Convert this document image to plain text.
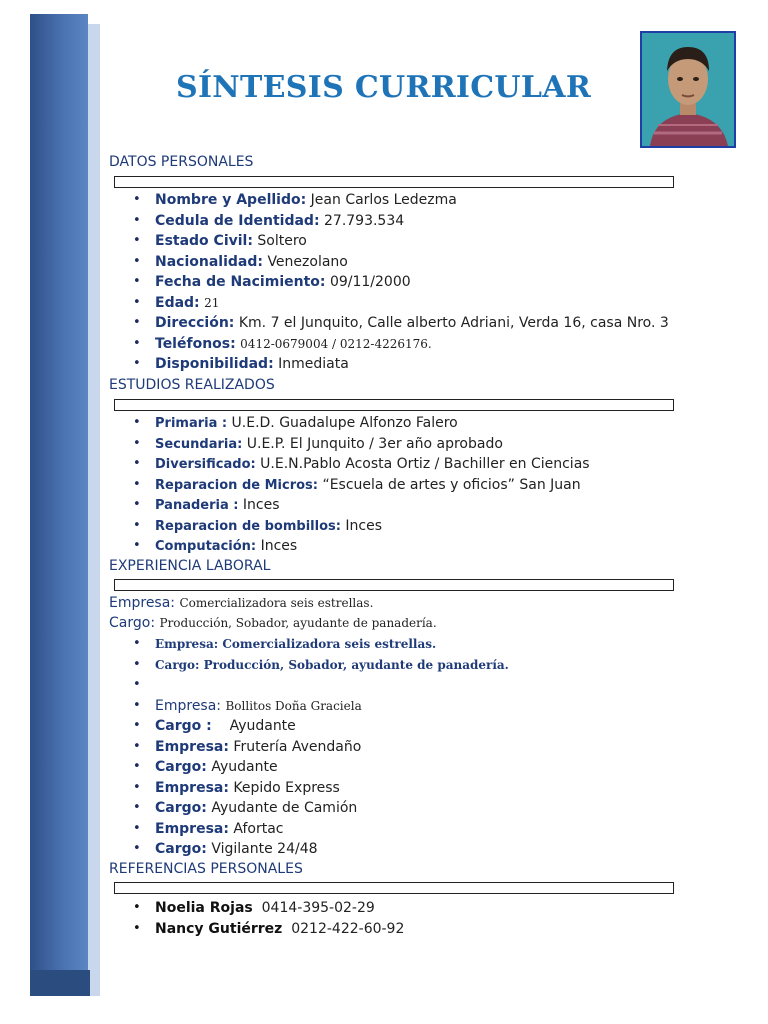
SÍNTESIS CURRICULAR
DATOS PERSONALES
• Nombre y Apellido: Jean Carlos Ledezma
• Cedula de Identidad: 27.793.534
• Estado Civil: Soltero
• Nacionalidad: Venezolano
• Fecha de Nacimiento: 09/11/2000
• Edad: 21
• Dirección: Km. 7 el Junquito, Calle alberto Adriani, Verda 16, casa Nro. 3
• Teléfonos: 0412-0679004 / 0212-4226176.
• Disponibilidad: Inmediata
ESTUDIOS REALIZADOS
• Primaria : U.E.D. Guadalupe Alfonzo Falero
• Secundaria: U.E.P. El Junquito / 3er año aprobado
• Diversificado: U.E.N.Pablo Acosta Ortiz / Bachiller en Ciencias
• Reparacion de Micros: “Escuela de artes y oficios” San Juan
• Panaderia : Inces
• Reparacion de bombillos: Inces
• Computación: Inces
EXPERIENCIA LABORAL
Empresa: Comercializadora seis estrellas.
Cargo: Producción, Sobador, ayudante de panadería.
• Empresa: Comercializadora seis estrellas.
• Cargo: Producción, Sobador, ayudante de panadería.
•
• Empresa: Bollitos Doña Graciela
• Cargo : Ayudante
• Empresa: Frutería Avendaño
• Cargo: Ayudante
• Empresa: Kepido Express
• Cargo: Ayudante de Camión
• Empresa: Afortac
• Cargo: Vigilante 24/48
REFERENCIAS PERSONALES
• Noelia Rojas 0414-395-02-29
• Nancy Gutiérrez 0212-422-60-92
